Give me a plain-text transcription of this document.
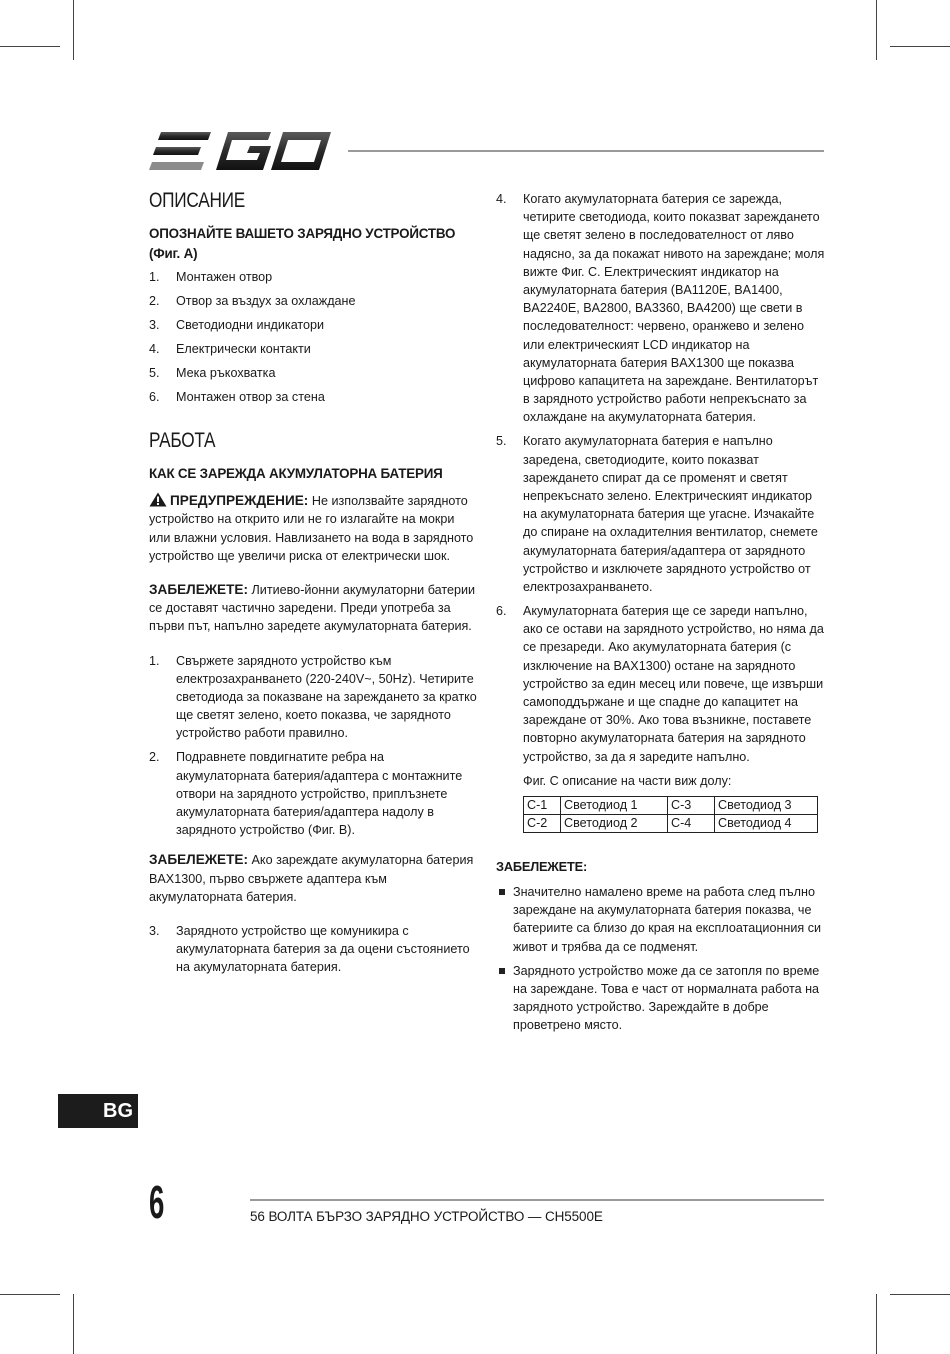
ОПИСАНИЕ
ОПОЗНАЙТЕ ВАШЕТО ЗАРЯДНО УСТРОЙСТВО (Фиг. A)
1. Монтажен отвор
2. Отвор за въздух за охлаждане
3. Светодиодни индикатори
4. Електрически контакти
5. Мека ръкохватка
6. Монтажен отвор за стена
РАБОТА
КАК СЕ ЗАРЕЖДА АКУМУЛАТОРНА БАТЕРИЯ

ПРЕДУПРЕЖДЕНИЕ: Не използвайте зарядното устройство на открито или не го излагайте на мокри или влажни условия. Навлизането на вода в зарядното устройство ще увеличи риска от електрически шок.

ЗАБЕЛЕЖЕТЕ: Литиево-йонни акумулаторни батерии се доставят частично заредени. Преди употреба за първи път, напълно заредете акумулаторната батерия.

1. Свържете зарядното устройство към електрозахранването (220-240V~, 50Hz). Четирите светодиода за показване на зареждането за кратко ще светят зелено, което показва, че зарядното устройство работи правилно.
2. Подравнете повдигнатите ребра на акумулаторната батерия/адаптера с монтажните отвори на зарядното устройство, приплъзнете акумулаторната батерия/адаптера надолу в зарядното устройство (Фиг. B).

ЗАБЕЛЕЖЕТЕ: Ако зареждате акумулаторна батерия BAX1300, първо свържете адаптера към акумулаторната батерия.

3. Зарядното устройство ще комуникира с акумулаторната батерия за да оцени състоянието на акумулаторната батерия.
4. Когато акумулаторната батерия се зарежда, четирите светодиода, които показват зареждането ще светят зелено в последователност от ляво надясно, за да покажат нивото на зареждане; моля вижте Фиг. C. Електрическият индикатор на акумулаторната батерия (BA1120E, BA1400, BA2240E, BA2800, BA3360, BA4200) ще свети в последователност: червено, оранжево и зелено или електрическият LCD индикатор на акумулаторната батерия BAX1300 ще показва цифрово капацитета на зареждане. Вентилаторът в зарядното устройство работи непрекъснато за охлаждане на акумулаторната батерия.
5. Когато акумулаторната батерия е напълно заредена, светодиодите, които показват зареждането спират да се променят и светят непрекъснато зелено. Електрическият индикатор на акумулаторната батерия ще угасне. Изчакайте до спиране на охладителния вентилатор, снемете акумулаторната батерия/адаптера от зарядното устройство и изключете зарядното устройство от електрозахранването.
6. Акумулаторната батерия ще се зареди напълно, ако се остави на зарядното устройство, но няма да се презареди. Ако акумулаторната батерия (с изключение на BAX1300) остане на зарядното устройство за един месец или повече, ще извърши самоподдържане и ще спадне до капацитет на зареждане от 30%. Ако това възникне, поставете повторно акумулаторната батерия на зарядното устройство, за да я заредите напълно.
Фиг. C описание на части виж долу:
C-1	Светодиод 1	C-3	Светодиод 3
C-2	Светодиод 2	C-4	Светодиод 4
ЗАБЕЛЕЖЕТЕ:
Значително намалено време на работа след пълно зареждане на акумулаторната батерия показва, че батериите са близо до края на експлоатационния си живот и трябва да се подменят.
Зарядното устройство може да се затопля по време на зареждане. Това е част от нормалната работа на зарядното устройство. Зареждайте в добре проветрено място.
BG
6	56 ВОЛТА БЪРЗО ЗАРЯДНО УСТРОЙСТВО — CH5500E
